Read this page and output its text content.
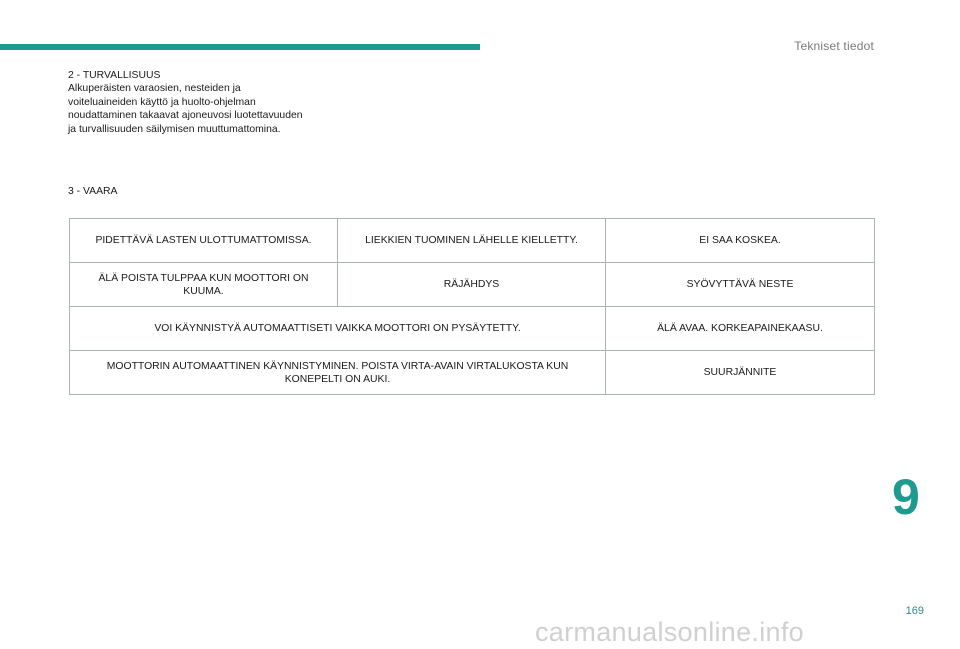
Tekniset tiedot
2 - TURVALLISUUS
Alkuperäisten varaosien, nesteiden ja
voiteluaineiden käyttö ja huolto-ohjelman
noudattaminen takaavat ajoneuvosi luotettavuuden
ja turvallisuuden säilymisen muuttumattomina.
3 - VAARA
PIDETTÄVÄ LASTEN ULOTTUMATTOMISSA.	LIEKKIEN TUOMINEN LÄHELLE KIELLETTY.	EI SAA KOSKEA.
ÄLÄ POISTA TULPPAA KUN MOOTTORI ON KUUMA.	RÄJÄHDYS	SYÖVYTTÄVÄ NESTE
VOI KÄYNNISTYÄ AUTOMAATTISETI VAIKKA MOOTTORI ON PYSÄYTETTY.		ÄLÄ AVAA. KORKEAPAINEKAASU.
MOOTTORIN AUTOMAATTINEN KÄYNNISTYMINEN. POISTA VIRTA-AVAIN VIRTALUKOSTA KUN KONEPELTI ON AUKI.		SUURJÄNNITE
9
169
carmanualsonline.info
